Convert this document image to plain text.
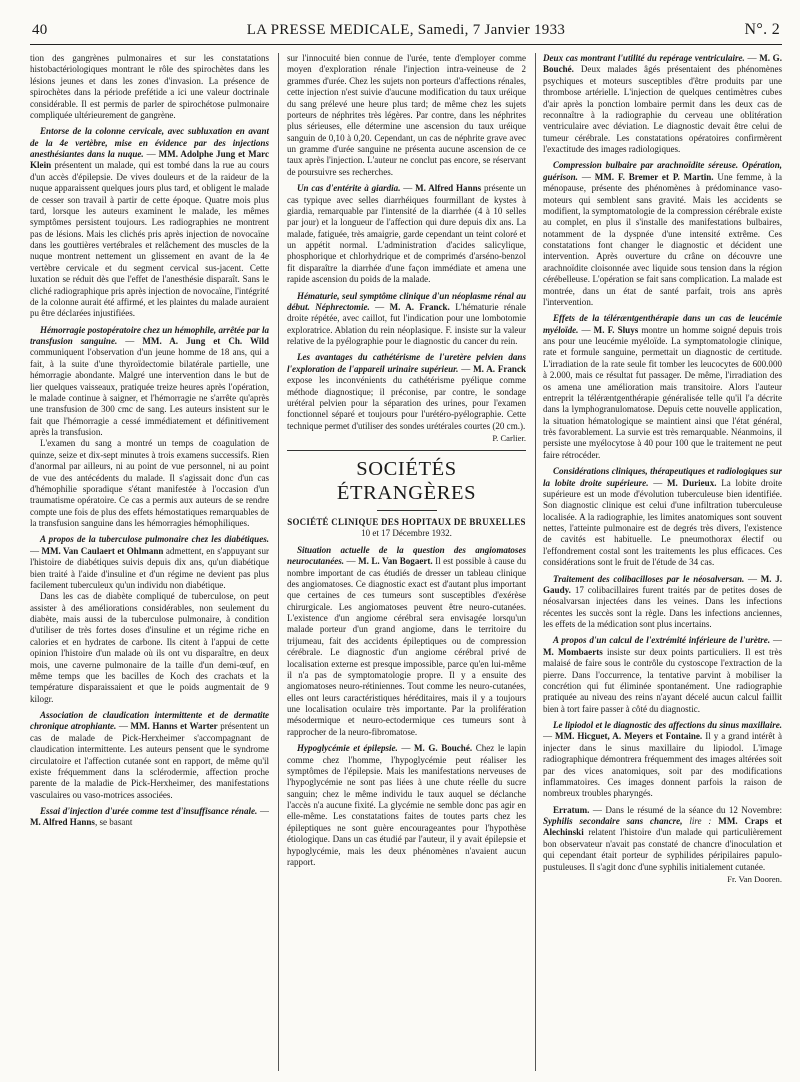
40	LA PRESSE MEDICALE, Samedi, 7 Janvier 1933	N°. 2

tion des gangrènes pulmonaires et sur les constatations histobactériologiques montrant le rôle des spirochètes dans les lésions jeunes et dans les zones d'invasion. La présence de spirochètes dans la période prefétide a ici une valeur doctrinale considérable. Il est permis de parler de spirochétose pulmonaire compliquée ultérieurement de gangrène.

Entorse de la colonne cervicale, avec subluxation en avant de la 4e vertèbre, mise en évidence par des injections anesthésiantes dans la nuque. — MM. Adolphe Jung et Marc Klein présentent un malade, qui est tombé dans la rue au cours d'un accès d'épilepsie. De vives douleurs et de la raideur de la nuque apparaissent quelques jours plus tard, et obligent le malade de cesser son travail à partir de cette époque. Quatre mois plus tard, lorsque les auteurs examinent le malade, les mêmes symptômes persistent toujours. Les radiographies ne montrent pas de lésions. Mais les clichés pris après injection de novocaïne dans les gouttières vertébrales et relâchement des muscles de la nuque montrent nettement un glissement en avant de la 4e vertèbre cervicale et du segment cervical sus-jacent. Cette luxation se réduit dès que l'effet de l'anesthésie disparaît. Sans le cliché radiographique pris après injection de novocaïne, l'intégrité de la colonne aurait été affirmé, et les plaintes du malade auraient pu être déclarées injustifiées.

Hémorragie postopératoire chez un hémophile, arrêtée par la transfusion sanguine. — MM. A. Jung et Ch. Wild communiquent l'observation d'un jeune homme de 18 ans, qui a fait, à la suite d'une thyroïdectomie bilatérale partielle, une hémorragie abondante. Malgré une intervention dans le but de lier quelques vaisseaux, pratiquée treize heures après l'opération, le malade continue à saigner, et l'hémorragie ne s'arrête qu'après une transfusion de 300 cmc de sang. Les auteurs insistent sur le fait que l'hémorragie a cessé immédiatement et définitivement après la transfusion.

L'examen du sang a montré un temps de coagulation de quinze, seize et dix-sept minutes à trois examens successifs. Rien d'anormal par ailleurs, ni au point de vue personnel, ni au point de vue des antécédents du malade. Il s'agissait donc d'un cas d'hémophilie sporadique s'étant manifestée à l'occasion d'un traumatisme opératoire. Ce cas a permis aux auteurs de se rendre compte une fois de plus des effets hémostatiques remarquables de la transfusion sanguine dans les hémorragies hémophiliques.

A propos de la tuberculose pulmonaire chez les diabétiques. — MM. Van Caulaert et Ohlmann admettent, en s'appuyant sur l'histoire de diabétiques suivis depuis dix ans, qu'un diabétique bien traité à l'aide d'insuline et d'un régime ne devient pas plus facilement tuberculeux qu'un individu non diabétique.

Dans les cas de diabète compliqué de tuberculose, on peut assister à des améliorations considérables, non seulement du diabète, mais aussi de la tuberculose pulmonaire, à condition d'utiliser de très fortes doses d'insuline et un régime riche en calories et en hydrates de carbone. Ils citent à l'appui de cette opinion l'histoire d'un malade où ils ont vu disparaître, en deux mois, une caverne pulmonaire de la taille d'un demi-œuf, en même temps que les bacilles de Koch des crachats et la température disparaissaient et que le poids augmentait de 9 kilogr.

Association de claudication intermittente et de dermatite chronique atrophiante. — MM. Hanns et Warter présentent un cas de malade de Pick-Herxheimer s'accompagnant de claudication intermittente. Les auteurs pensent que le syndrome circulatoire et l'affection cutanée sont en rapport, de même qu'il existe fréquemment dans la sclérodermie, affection proche parente de la maladie de Pick-Herxheimer, des manifestations vasculaires ou vaso-motrices associées.

Essai d'injection d'urée comme test d'insuffisance rénale. — M. Alfred Hanns, se basant

sur l'innocuité bien connue de l'urée, tente d'employer comme moyen d'exploration rénale l'injection intra-veineuse de 2 grammes d'urée. Chez les sujets non porteurs d'affections rénales, cette injection n'est suivie d'aucune modification du taux uréique du sang prélevé une heure plus tard; de même chez les sujets porteurs de néphrites très légères. Par contre, dans les néphrites plus sérieuses, elle détermine une ascension du taux uréique sanguin de 0,10 à 0,20. Cependant, un cas de néphrite grave avec un gramme d'urée sanguine ne présenta aucune ascension de ce taux après l'injection. L'auteur ne conclut pas encore, se réservant de poursuivre ses recherches.

Un cas d'entérite à giardia. — M. Alfred Hanns présente un cas typique avec selles diarrhéiques fourmillant de kystes à giardia, remarquable par l'intensité de la diarrhée (4 à 10 selles par jour) et la longueur de l'affection qui dure depuis dix ans. La malade, fatiguée, très amaigrie, garde cependant un teint coloré et un appétit normal. L'administration d'acides salicylique, phosphorique et chlorhydrique et de comprimés d'arséno-benzol fit disparaître la diarrhée d'une façon immédiate et amena une rapide ascension du poids de la malade.

Hématurie, seul symptôme clinique d'un néoplasme rénal au début. Néphrectomie. — M. A. Franck. L'hématurie rénale droite répétée, avec caillot, fut l'indication pour une lombotomie exploratrice. Ablation du rein néoplasique. F. insiste sur la valeur relative de la pyélographie pour le diagnostic du cancer du rein.

Les avantages du cathétérisme de l'uretère pelvien dans l'exploration de l'appareil urinaire supérieur. — M. A. Franck expose les inconvénients du cathétérisme pyélique comme méthode diagnostique; il préconise, par contre, le sondage urétéral pelvien pour la séparation des urines, pour l'examen fonctionnel séparé et toujours pour l'urétéro-pyélographie. Cette technique permet d'utiliser des sondes urétérales courtes (20 cm.).

P. Carlier.
SOCIÉTÉS ÉTRANGÈRES
SOCIÉTÉ CLINIQUE DES HOPITAUX DE BRUXELLES
10 et 17 Décembre 1932.

Situation actuelle de la question des angiomatoses neurocutanées. — M. L. Van Bogaert. Il est possible à cause du nombre important de cas étudiés de dresser un tableau clinique des angiomatoses. Ce diagnostic exact est d'autant plus important que certaines de ces tumeurs sont susceptibles d'exérèse chirurgicale. Les angiomatoses peuvent être neuro-cutanées. L'existence d'un angiome cérébral sera envisagée lorsqu'un malade porteur d'un grand angiome, dans le territoire du trijumeau, fait des accidents épileptiques ou de compression cérébrale. Le diagnostic d'un angiome cérébral privé de localisation externe est presque impossible, parce qu'en lui-même il n'a pas de symptomatologie propre. Il y a ensuite des angiomatoses neuro-rétiniennes. Tout comme les neuro-cutanées, elles ont leurs caractéristiques héréditaires, mais il y a toujours une localisation oculaire très importante. Par la prolifération mésodermique et neuro-ectodermique ces tumeurs sont à rapprocher de la neuro-fibromatose.

Hypoglycémie et épilepsie. — M. G. Bouché. Chez le lapin comme chez l'homme, l'hypoglycémie peut réaliser les symptômes de l'épilepsie. Mais les manifestations nerveuses de l'hypoglycémie ne sont pas liées à une chute réelle du sucre sanguin; chez le même individu le taux auquel se déclanche l'accès n'a aucune fixité. La glycémie ne semble donc pas agir en elle-même. Les constatations faites de toutes parts chez les épileptiques ne sont guère encourageantes pour l'hypothèse étiologique. Dans un cas étudié par l'auteur, il y avait épilepsie et hypoglycémie, mais les deux phénomènes n'avaient aucun rapport.

Deux cas montrant l'utilité du repérage ventriculaire. — M. G. Bouché. Deux malades âgés présentaient des phénomènes psychiques et moteurs susceptibles d'être produits par une thrombose artérielle. L'injection de quelques centimètres cubes d'air après la ponction lombaire permit dans les deux cas de reconnaître à la radiographie du cerveau une oblitération ventriculaire avec déviation. Le diagnostic devait être celui de tumeur cérébrale. Les constatations opératoires confirmèrent l'exactitude des images radiologiques.

Compression bulbaire par arachnoïdite séreuse. Opération, guérison. — MM. F. Bremer et P. Martin. Une femme, à la ménopause, présente des phénomènes à prédominance vaso-moteurs qui semblent sans gravité. Mais les accidents se modifient, la symptomatologie de la compression cérébrale existe au complet, en plus il s'installe des manifestations bulbaires, notamment de la dyspnée d'une intensité extrême. Ces constatations font changer le diagnostic et décident une intervention. Après ouverture du crâne on découvre une arachnoïdite cloisonnée avec liquide sous tension dans la région cérébelleuse. L'opération se fait sans complication. La malade est montrée, dans un état de santé parfait, trois ans après l'intervention.

Effets de la téléræntgenthérapie dans un cas de leucémie myéloïde. — M. F. Sluys montre un homme soigné depuis trois ans pour une leucémie myéloïde. La symptomatologie clinique, rate et formule sanguine, permettait un diagnostic de certitude. L'irradiation de la rate seule fit tomber les leucocytes de 600.000 à 2.000, mais ce résultat fut passager. De même, l'irradiation des os amena une amélioration mais transitoire. Alors l'auteur entreprit la téléræntgenthérapie généralisée telle qu'il l'a décrite dans la lymphogranulomatose. Depuis cette nouvelle application, la situation hématologique se maintient ainsi que l'état général, très favorablement. La survie est très remarquable. Néanmoins, il persiste une myélocytose à 40 pour 100 que le traitement ne peut faire rétrocéder.

Considérations cliniques, thérapeutiques et radiologiques sur la lobite droite supérieure. — M. Durieux. La lobite droite supérieure est un mode d'évolution tuberculeuse bien identifiée. Son diagnostic clinique est celui d'une infiltration tuberculeuse localisée. A la radiographie, les limites anatomiques sont souvent nettes, l'atteinte pulmonaire est de degrés très divers, l'existence de cavités est habituelle. Le pneumothorax électif ou l'effondrement costal sont les traitements les plus efficaces. Ces considérations sont le fruit de l'étude de 34 cas.

Traitement des colibacilloses par le néosalversan. — M. J. Gaudy. 17 colibacillaires furent traités par de petites doses de néosalvarsan injectées dans les veines. Dans les infections récentes les succès sont la règle. Dans les infections anciennes, les effets de la médication sont plus incertains.

A propos d'un calcul de l'extrémité inférieure de l'urètre. — M. Mombaerts insiste sur deux points particuliers. Il est très malaisé de faire sous le contrôle du cystoscope l'extraction de la pierre. Dans l'occurrence, la tentative parvint à mobiliser la concrétion qui fut éliminée spontanément. Une radiographie pratiquée au niveau des reins n'ayant décelé aucun calcul faillit bien à tort faire passer à côté du diagnostic.

Le lipiodol et le diagnostic des affections du sinus maxillaire. — MM. Hicguet, A. Meyers et Fontaine. Il y a grand intérêt à injecter dans le sinus maxillaire du lipiodol. L'image radiographique démontrera fréquemment des images altérées soit par des vices anatomiques, soit par des modifications inflammatoires. Ces images donnent parfois la raison de nombreux troubles pharyngés.

Erratum. — Dans le résumé de la séance du 12 Novembre: Syphilis secondaire sans chancre, lire : MM. Craps et Alechinski relatent l'histoire d'un malade qui particulièrement bon observateur n'avait pas constaté de chancre d'inoculation et qui cependant était porteur de syphilides péripilaires papulo-pustuleuses. Il s'agit donc d'une syphilis initialement cutanée.

Fr. Van Dooren.
